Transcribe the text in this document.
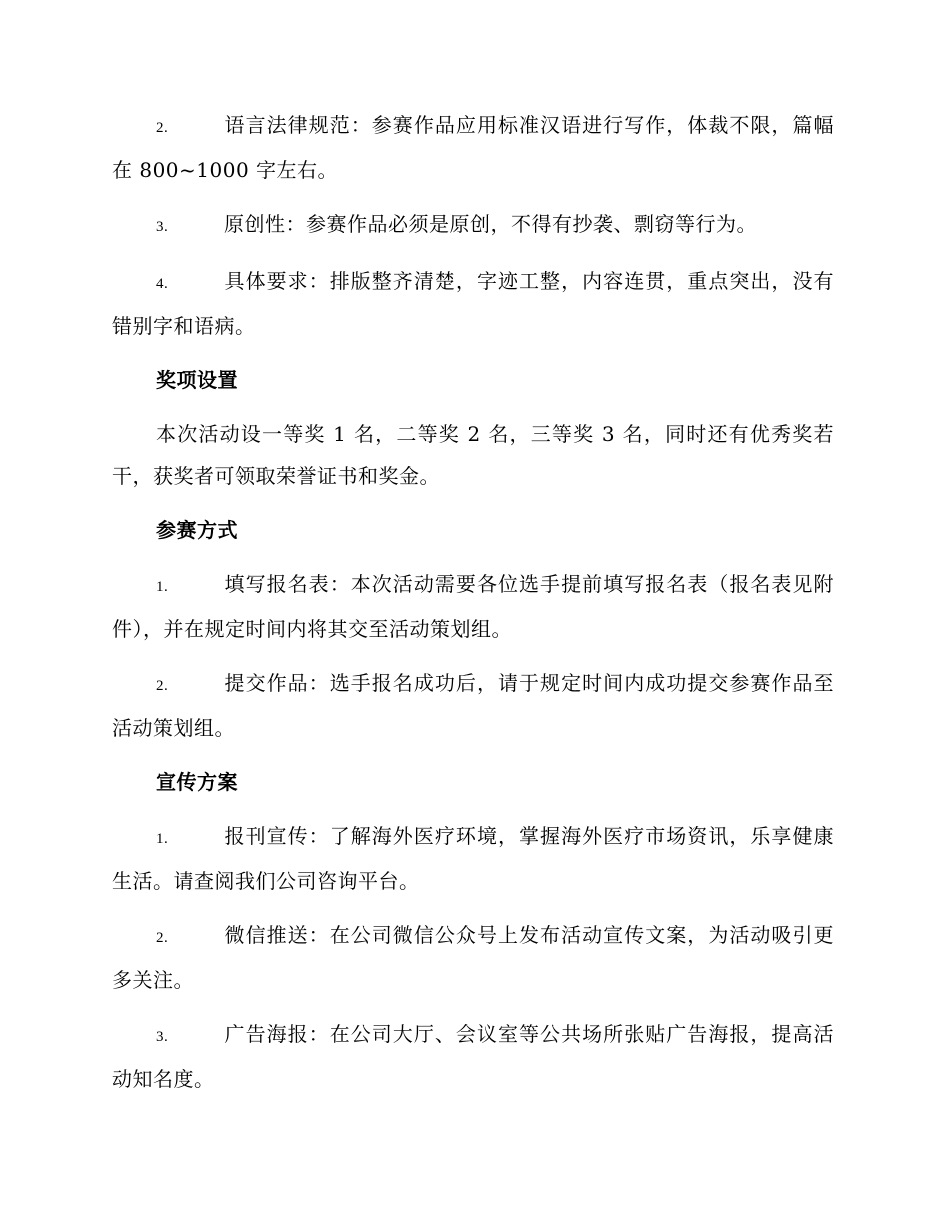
2.	语言法律规范：参赛作品应用标准汉语进行写作，体裁不限，篇幅在 800~1000 字左右。

3.	原创性：参赛作品必须是原创，不得有抄袭、剽窃等行为。

4.	具体要求：排版整齐清楚，字迹工整，内容连贯，重点突出，没有错别字和语病。

奖项设置

本次活动设一等奖 1 名，二等奖 2 名，三等奖 3 名，同时还有优秀奖若干，获奖者可领取荣誉证书和奖金。

参赛方式

1.	填写报名表：本次活动需要各位选手提前填写报名表（报名表见附件），并在规定时间内将其交至活动策划组。

2.	提交作品：选手报名成功后，请于规定时间内成功提交参赛作品至活动策划组。

宣传方案

1.	报刊宣传：了解海外医疗环境，掌握海外医疗市场资讯，乐享健康生活。请查阅我们公司咨询平台。

2.	微信推送：在公司微信公众号上发布活动宣传文案，为活动吸引更多关注。

3.	广告海报：在公司大厅、会议室等公共场所张贴广告海报，提高活动知名度。
